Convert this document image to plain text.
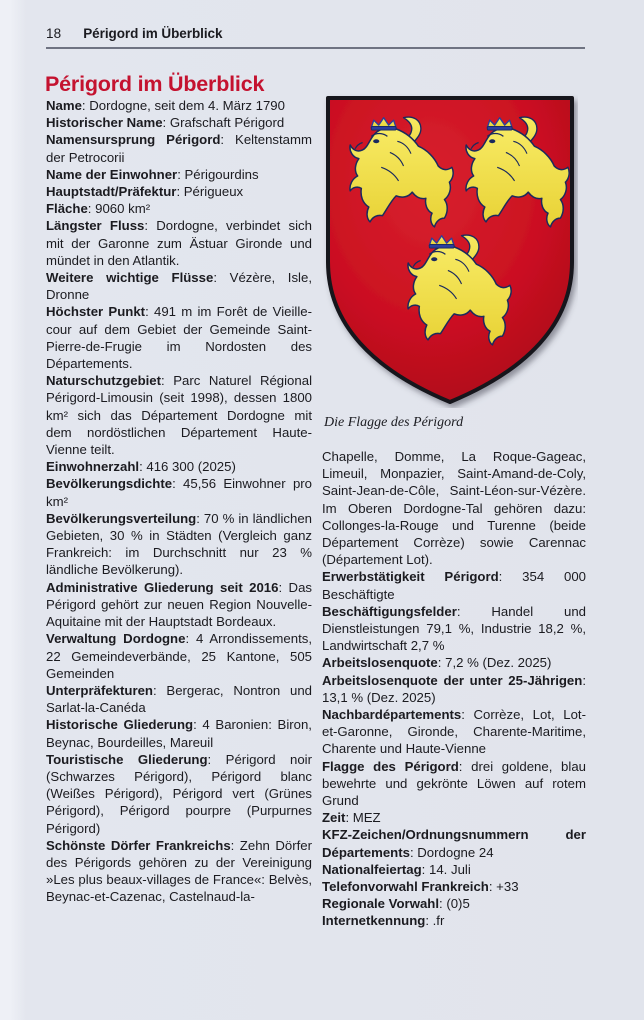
18 Périgord im Überblick
Périgord im Überblick
Die Flagge des Périgord

Name: Dordogne, seit dem 4. März 1790

Historischer Name: Grafschaft Périgord

Namensursprung Périgord: Keltenstamm der Petrocorii

Name der Einwohner: Périgourdins

Hauptstadt/Präfektur: Périgueux

Fläche: 9060 km²

Längster Fluss: Dordogne, verbindet sich mit der Garonne zum Ästuar Gironde und mündet in den Atlantik.

Weitere wichtige Flüsse: Vézère, Isle, Dronne

Höchster Punkt: 491 m im Forêt de Vieille-cour auf dem Gebiet der Gemeinde Saint-Pierre-de-Frugie im Nordosten des Départements.

Naturschutzgebiet: Parc Naturel Régional Périgord-Limousin (seit 1998), dessen 1800 km² sich das Département Dordogne mit dem nordöstlichen Département Haute-Vienne teilt.

Einwohnerzahl: 416 300 (2025)

Bevölkerungsdichte: 45,56 Einwohner pro km²

Bevölkerungsverteilung: 70 % in ländlichen Gebieten, 30 % in Städten (Vergleich ganz Frankreich: im Durchschnitt nur 23 % ländliche Bevölkerung).

Administrative Gliederung seit 2016: Das Périgord gehört zur neuen Region Nouvelle-Aquitaine mit der Hauptstadt Bordeaux.

Verwaltung Dordogne: 4 Arrondissements, 22 Gemeindeverbände, 25 Kantone, 505 Gemeinden

Unterpräfekturen: Bergerac, Nontron und Sarlat-la-Canéda

Historische Gliederung: 4 Baronien: Biron, Beynac, Bourdeilles, Mareuil

Touristische Gliederung: Périgord noir (Schwarzes Périgord), Périgord blanc (Weißes Périgord), Périgord vert (Grünes Périgord), Périgord pourpre (Purpurnes Périgord)

Schönste Dörfer Frankreichs: Zehn Dörfer des Périgords gehören zu der Vereinigung »Les plus beaux-villages de France«: Belvès, Beynac-et-Cazenac, Castelnaud-la-

Chapelle, Domme, La Roque-Gageac, Limeuil, Monpazier, Saint-Amand-de-Coly, Saint-Jean-de-Côle, Saint-Léon-sur-Vézère. Im Oberen Dordogne-Tal gehören dazu: Collonges-la-Rouge und Turenne (beide Département Corrèze) sowie Carennac (Département Lot).

Erwerbstätigkeit Périgord: 354 000 Beschäftigte

Beschäftigungsfelder: Handel und Dienstleistungen 79,1 %, Industrie 18,2 %, Landwirtschaft 2,7 %

Arbeitslosenquote: 7,2 % (Dez. 2025)

Arbeitslosenquote der unter 25-Jährigen: 13,1 % (Dez. 2025)

Nachbardépartements: Corrèze, Lot, Lot-et-Garonne, Gironde, Charente-Maritime, Charente und Haute-Vienne

Flagge des Périgord: drei goldene, blau bewehrte und gekrönte Löwen auf rotem Grund

Zeit: MEZ

KFZ-Zeichen/Ordnungsnummern der Départements: Dordogne 24

Nationalfeiertag: 14. Juli

Telefonvorwahl Frankreich: +33

Regionale Vorwahl: (0)5

Internetkennung: .fr
